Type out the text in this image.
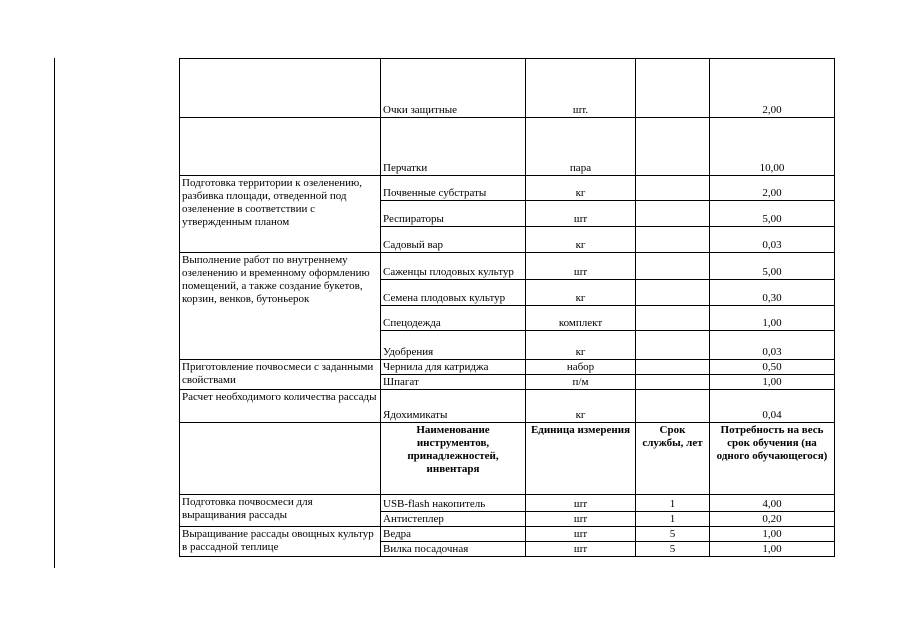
	Очки защитные	шт.		2,00
	Перчатки	пара		10,00
Подготовка территории к озеленению, разбивка площади, отведенной под озеленение в соответствии с утвержденным планом	Почвенные субстраты	кг		2,00
	Респираторы	шт		5,00
	Садовый вар	кг		0,03
Выполнение работ по внутреннему озеленению и временному оформлению помещений, а также создание букетов, корзин, венков, бутоньерок	Саженцы плодовых культур	шт		5,00
	Семена плодовых культур	кг		0,30
	Спецодежда	комплект		1,00
	Удобрения	кг		0,03
Приготовление почвосмеси с заданными свойствами	Чернила для катриджа	набор		0,50
	Шпагат	п/м		1,00
Расчет необходимого количества рассады	Ядохимикаты	кг		0,04
	Наименование инструментов, принадлежностей, инвентаря	Единица измерения	Срок службы, лет	Потребность на весь срок обучения (на одного обучающегося)
Подготовка почвосмеси для выращивания рассады	USB-flash накопитель	шт	1	4,00
	Антистеплер	шт	1	0,20
Выращивание рассады овощных культур в рассадной теплице	Ведра	шт	5	1,00
	Вилка посадочная	шт	5	1,00
